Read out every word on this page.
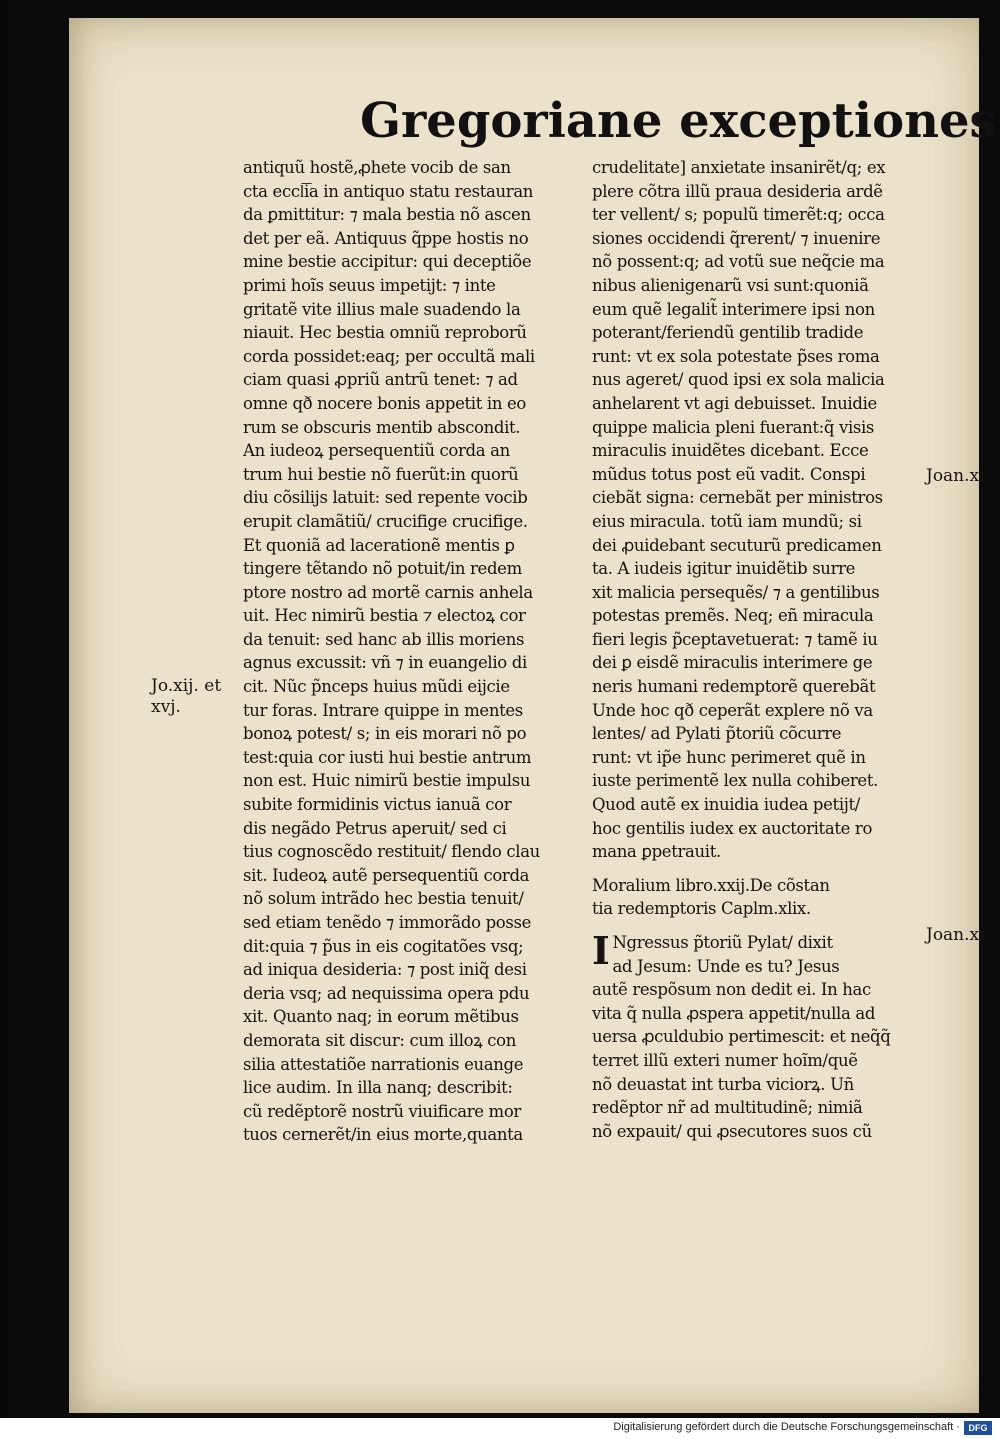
Gregoriane exceptiones
antiquũ hostẽ,ꝓhete vocib͏ de san
cta eccl͞ia in antiquo statu restauran
da ꝑmittitur: ⁊ mala bestia nõ ascen
det per eã. Antiquus q̃ppe hostis no
mine bestie accipitur: qui deceptiõe
primi hoĩs seuus impetijt: ⁊ inte
gritatẽ vite illius male suadendo la
niauit. Hec bestia omniũ reproborũ
corda possidet:eaq; per occultã mali
ciam quasi ꝓpriũ antrũ tenet: ⁊ ad
omne qð nocere bonis appetit in eo
rum se obscuris mentib͏ abscondit.
An iudeoꝝ persequentiũ corda an
trum hui͏ bestie nõ fuerũt:in quorũ
diu cõsilijs latuit: sed repente vocib͏
erupit clamãtiũ/ crucifige crucifige.
Et quoniã ad lacerationẽ mentis ꝑ
tingere tẽtando nõ potuit/in redem
ptore nostro ad mortẽ carnis anhela
uit. Hec nimirũ bestia ⁊ electoꝝ cor
da tenuit: sed hanc ab illis moriens
agnus excussit: vñ ⁊ in euangelio di
cit. Nũc p̃nceps huius mũdi eijcie
tur foras. Intrare quippe in mentes
bonoꝝ potest/ s; in eis morari nõ po
test:quia cor iusti hui͏ bestie antrum
non est. Huic nimirũ bestie impulsu
subite formidinis victus ianuã cor
dis negãdo Petrus aperuit/ sed ci
tius cognoscẽdo restituit/ flendo clau
sit. Iudeoꝝ autẽ persequentiũ corda
nõ solum intrãdo hec bestia tenuit/
sed etiam tenẽdo ⁊ immorãdo posse
dit:quia ⁊ p̃us in eis cogitatões vsq;
ad iniqua desideria: ⁊ post iniq̃ desi
deria vsq; ad nequissima opera pdu
xit. Quanto naq; in eorum mẽtibus
demorata sit discur͏: cum illoꝝ con
silia attestatiõe narrationis euange
lice audim͏. In illa nanq; describit:
cũ redẽptorẽ nostrũ viuificare mor
tuos cernerẽt/in eius morte,quanta
crudelitate] anxietate insanirẽt/q; ex
plere cõtra illũ praua desideria ardẽ
ter vellent/ s; populũ timerẽt:q; occa
siones occidendi q̃rerent/ ⁊ inuenire
nõ possent:q; ad votũ sue neq̃cie ma
nibus alienigenarũ vsi sunt:quoniã
eum quẽ legalit̃ interimere ipsi non
poterant/feriendũ gentilib͏ tradide
runt: vt ex sola potestate p̃ses roma
nus ageret/ quod ipsi ex sola malicia
anhelarent vt agi debuisset. Inuidie
quippe malicia pleni fuerant:q̃ visis
miraculis inuidẽtes dicebant. Ecce
mũdus totus post eũ vadit. Conspi
ciebãt signa: cernebãt per ministros
eius miracula. totũ iam mundũ; si
dei ꝓuidebant secuturũ predicamen
ta. A iudeis igitur inuidẽtib͏ surre
xit malicia persequẽs/ ⁊ a gentilibus
potestas premẽs. Neq; eñ miracula
fieri legis p̃ceptavetuerat: ⁊ tamẽ iu
dei ꝑ eisdẽ miraculis interimere ge
neris humani redemptorẽ querebãt
Unde hoc qð ceperãt explere nõ va
lentes/ ad Pylati p̃toriũ cõcurre
runt: vt ip̃e hunc perimeret quẽ in
iuste perimentẽ lex nulla cohiberet.
Quod autẽ ex inuidia iudea petijt/
hoc gentilis iudex ex auctoritate ro
mana ꝑpetrauit.
Moralium libro.xxij.De cõstan
tia redemptoris Caplm.xlix.
I Ngressus p̃toriũ Pylat͏/ dixit
ad Jesum: Unde es tu? Jesus
autẽ respõsum non dedit ei. In hac
vita q̃ nulla ꝓspera appetit/nulla ad
uersa ꝓculdubio pertimescit: et neq̃q̃
terret illũ exteri͏ numer͏ hoĩm/quẽ
nõ deuastat int͏ turba viciorꝝ. Uñ
redẽptor nr̃ ad multitudinẽ; nimiã
nõ expauit/ qui ꝓsecutores suos cũ
Jo.xij. et
xvj.
Joan.xi
Joan.xi
Digitalisierung gefördert durch die Deutsche Forschungsgemeinschaft · DFG
